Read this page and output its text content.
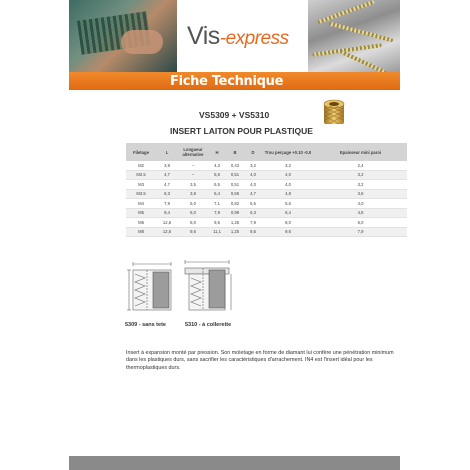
Vis-express
Fiche Technique
VS5309 + VS5310
INSERT LAITON POUR PLASTIQUE
Filetage	L	Longueur alternative	H	B	D	Trou perçage +0.10 -0.0	Epaisseur mini paroi
M2	3,9	–	4,3	0,43	3,2	3,2	2,4
M2.5	4,7	–	5,5	0,51	4,0	4,0	3,2
M3	4,7	3,5	5,5	0,51	4,0	4,0	3,2
M3.5	6,3	3,8	5,4	0,66	4,7	4,8	3,6
M4	7,9	5,0	7,1	0,82	5,5	5,6	4,0
M5	9,4	6,0	7,9	0,99	6,3	6,4	4,8
M6	12,6	8,0	9,5	1,25	7,9	8,0	6,0
M8	12,6	9,5	11,1	1,25	9,5	9,6	7,9
5309 - sans tete	5310 - à collerette
Insert à expansion monté par pression. Son moletage en forme de diamant lui confère une pénétration minimum dans les plastiques durs, sans sacrifier les caractéristiques d'arrachement. IN4 est l'insert idéal pour les thermoplastiques durs.
